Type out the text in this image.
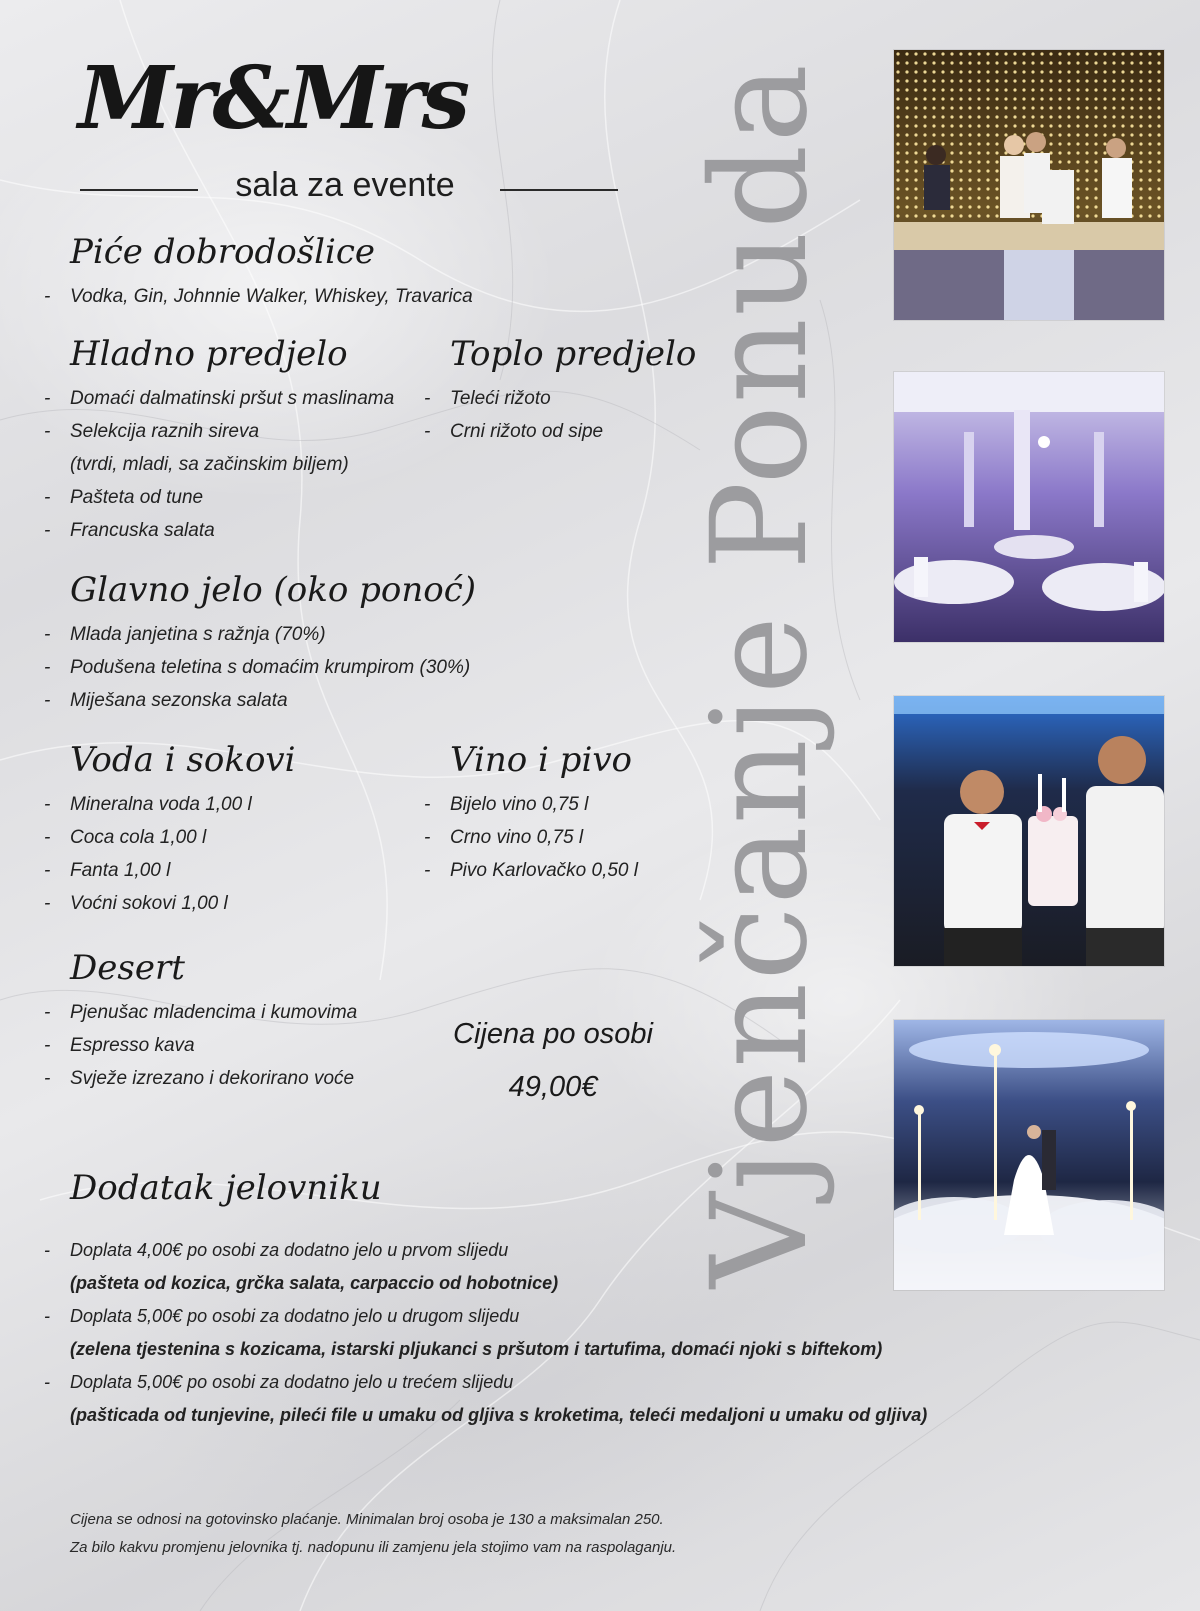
Mr&Mrs
sala za evente
Piće dobrodošlice
- Vodka, Gin, Johnnie Walker, Whiskey, Travarica
Hladno predjelo
- Domaći dalmatinski pršut s maslinama
- Selekcija raznih sireva
(tvrdi, mladi, sa začinskim biljem)
- Pašteta od tune
- Francuska salata
Toplo predjelo
- Teleći rižoto
- Crni rižoto od sipe
Glavno jelo (oko ponoć)
- Mlada janjetina s ražnja (70%)
- Podušena teletina s domaćim krumpirom (30%)
- Miješana sezonska salata
Voda i sokovi
- Mineralna voda 1,00 l
- Coca cola 1,00 l
- Fanta 1,00 l
- Voćni sokovi 1,00 l
Vino i pivo
- Bijelo vino 0,75 l
- Crno vino 0,75 l
- Pivo Karlovačko 0,50 l
Desert
- Pjenušac mladencima i kumovima
- Espresso kava
- Svježe izrezano i dekorirano voće
Cijena po osobi
49,00€
Dodatak jelovniku
- Doplata 4,00€ po osobi za dodatno jelo u prvom slijedu
(pašteta od kozica, grčka salata, carpaccio od hobotnice)
- Doplata 5,00€ po osobi za dodatno jelo u drugom slijedu
(zelena tjestenina s kozicama, istarski pljukanci s pršutom i tartufima, domaći njoki s biftekom)
- Doplata 5,00€ po osobi za dodatno jelo u trećem slijedu
(pašticada od tunjevine, pileći file u umaku od gljiva s kroketima, teleći medaljoni u umaku od gljiva)
Vjenčanje Ponuda

Cijena se odnosi na gotovinsko plaćanje. Minimalan broj osoba je 130 a maksimalan 250.

Za bilo kakvu promjenu jelovnika tj. nadopunu ili zamjenu jela stojimo vam na raspolaganju.
